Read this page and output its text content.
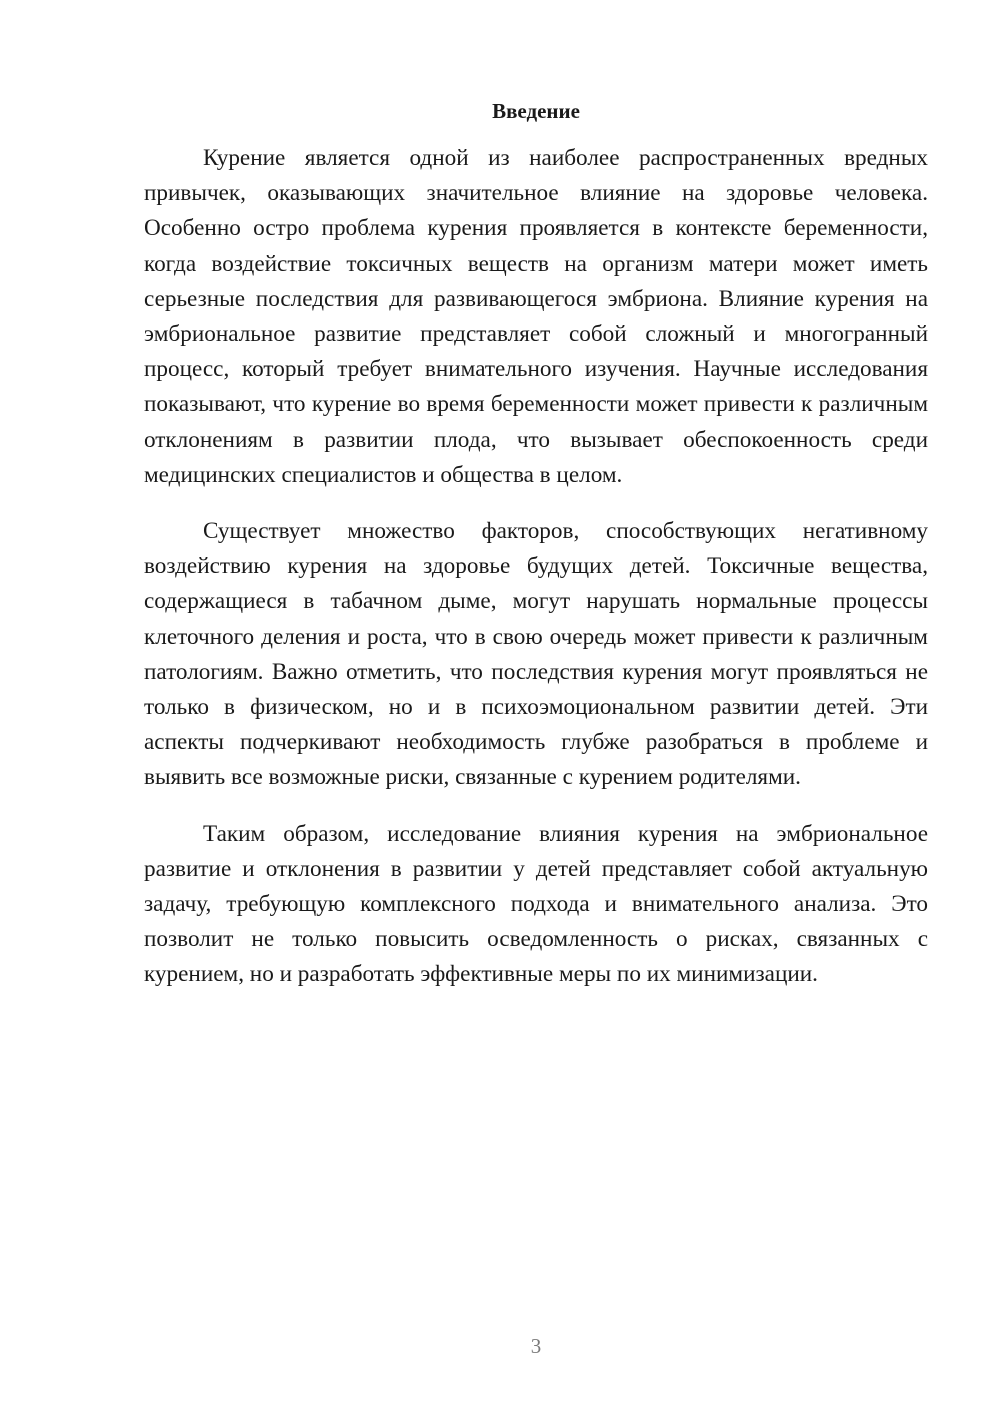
Введение

Курение является одной из наиболее распространенных вредных привычек, оказывающих значительное влияние на здоровье человека. Особенно остро проблема курения проявляется в контексте беременности, когда воздействие токсичных веществ на организм матери может иметь серьезные последствия для развивающегося эмбриона. Влияние курения на эмбриональное развитие представляет собой сложный и многогранный процесс, который требует внимательного изучения. Научные исследования показывают, что курение во время беременности может привести к различным отклонениям в развитии плода, что вызывает обеспокоенность среди медицинских специалистов и общества в целом.

Существует множество факторов, способствующих негативному воздействию курения на здоровье будущих детей. Токсичные вещества, содержащиеся в табачном дыме, могут нарушать нормальные процессы клеточного деления и роста, что в свою очередь может привести к различным патологиям. Важно отметить, что последствия курения могут проявляться не только в физическом, но и в психоэмоциональном развитии детей. Эти аспекты подчеркивают необходимость глубже разобраться в проблеме и выявить все возможные риски, связанные с курением родителями.

Таким образом, исследование влияния курения на эмбриональное развитие и отклонения в развитии у детей представляет собой актуальную задачу, требующую комплексного подхода и внимательного анализа. Это позволит не только повысить осведомленность о рисках, связанных с курением, но и разработать эффективные меры по их минимизации.

3
